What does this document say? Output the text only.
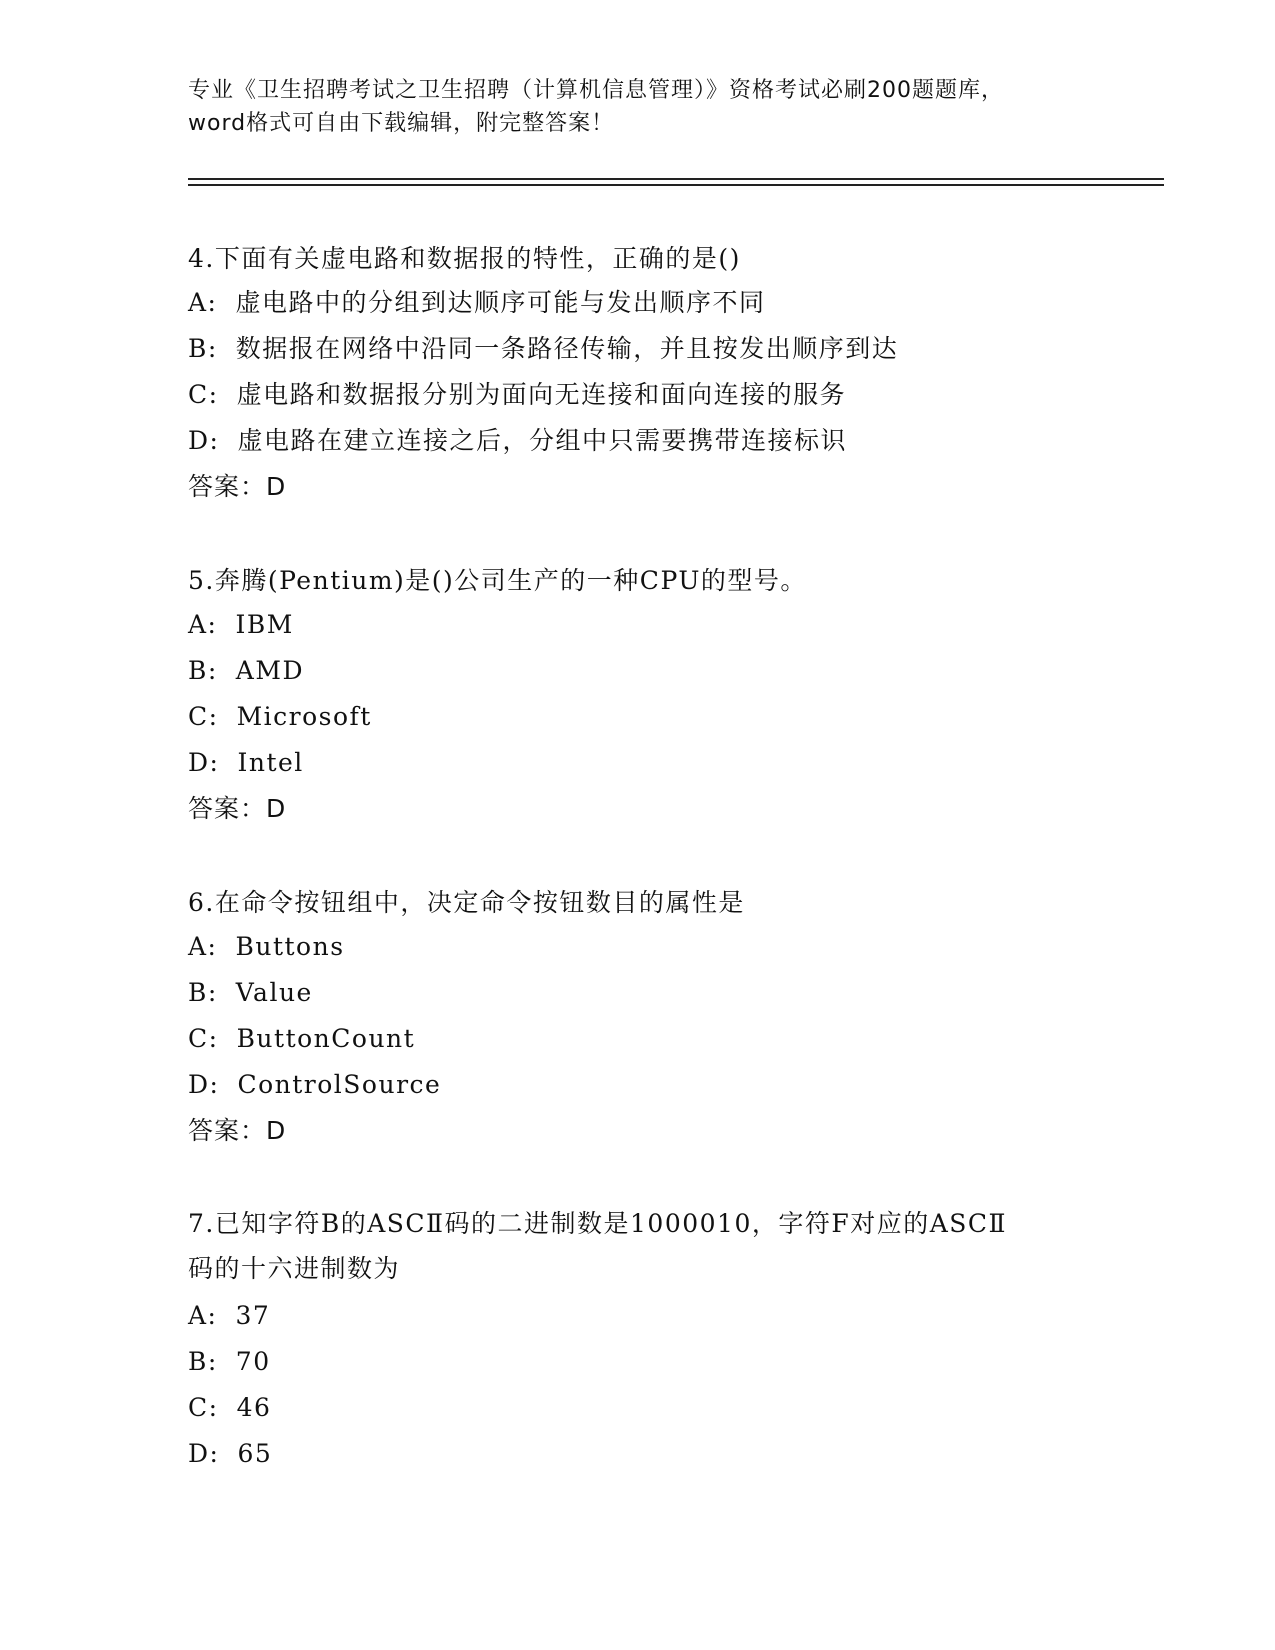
专业《卫生招聘考试之卫生招聘（计算机信息管理）》资格考试必刷200题题库，
word格式可自由下载编辑，附完整答案！
4.下面有关虚电路和数据报的特性，正确的是()
A: 虚电路中的分组到达顺序可能与发出顺序不同
B: 数据报在网络中沿同一条路径传输，并且按发出顺序到达
C: 虚电路和数据报分别为面向无连接和面向连接的服务
D: 虚电路在建立连接之后，分组中只需要携带连接标识
答案：D
5.奔腾(Pentium)是()公司生产的一种CPU的型号。
A: IBM
B: AMD
C: Microsoft
D: Intel
答案：D
6.在命令按钮组中，决定命令按钮数目的属性是
A: Buttons
B: Value
C: ButtonCount
D: ControlSource
答案：D
7.已知字符B的ASCⅡ码的二进制数是1000010，字符F对应的ASCⅡ
码的十六进制数为
A: 37
B: 70
C: 46
D: 65
